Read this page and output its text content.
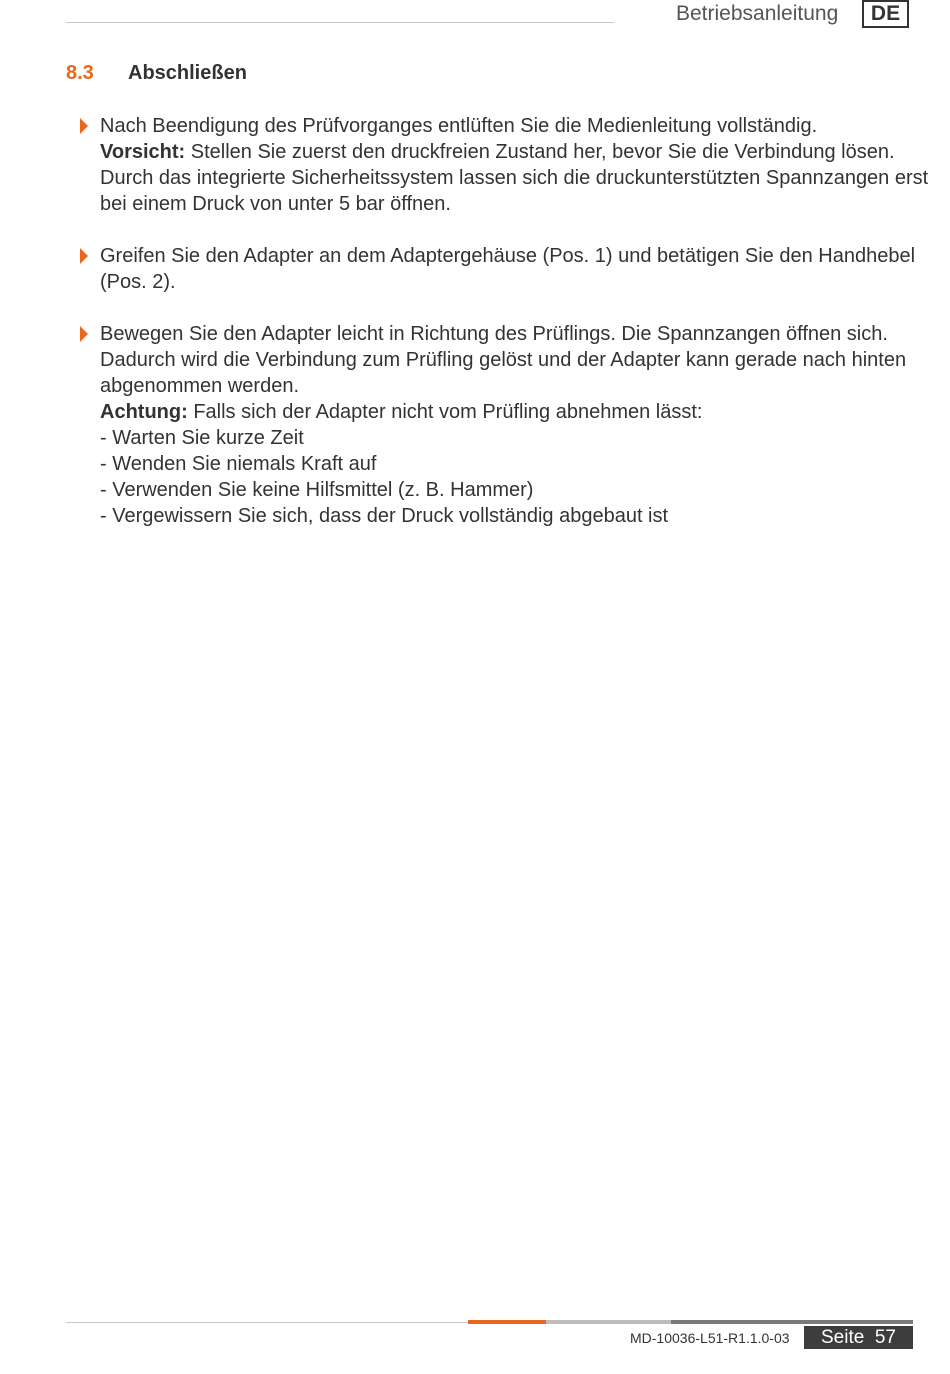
Betriebsanleitung	DE
8.3 Abschließen

Nach Beendigung des Prüfvorganges entlüften Sie die Medienleitung vollständig.

Vorsicht: Stellen Sie zuerst den druckfreien Zustand her, bevor Sie die Verbindung lösen. Durch das integrierte Sicherheitssystem lassen sich die druckunterstützten Spannzangen erst bei einem Druck von unter 5 bar öffnen.

Greifen Sie den Adapter an dem Adaptergehäuse (Pos. 1) und betätigen Sie den Handhebel (Pos. 2).

Bewegen Sie den Adapter leicht in Richtung des Prüflings. Die Spannzangen öffnen sich. Dadurch wird die Verbindung zum Prüfling gelöst und der Adapter kann gerade nach hinten abgenommen werden.

Achtung: Falls sich der Adapter nicht vom Prüfling abnehmen lässt:

- Warten Sie kurze Zeit

- Wenden Sie niemals Kraft auf

- Verwenden Sie keine Hilfsmittel (z. B. Hammer)

- Vergewissern Sie sich, dass der Druck vollständig abgebaut ist

MD-10036-L51-R1.1.0-03	Seite 57
